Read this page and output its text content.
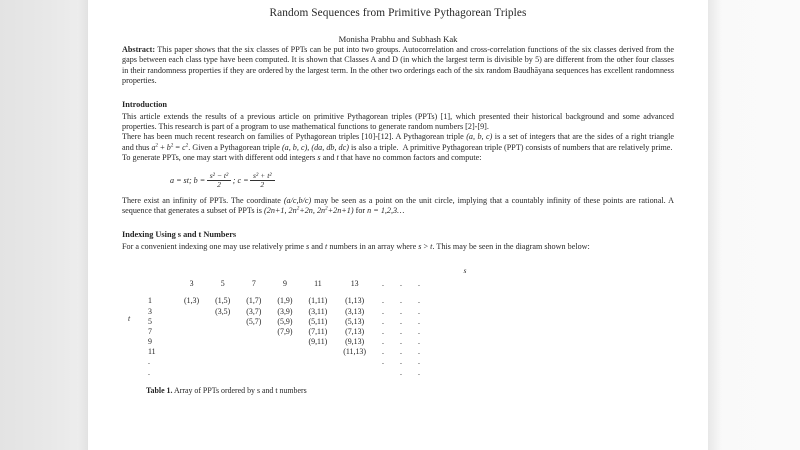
Random Sequences from Primitive Pythagorean Triples
Monisha Prabhu and Subhash Kak

Abstract: This paper shows that the six classes of PPTs can be put into two groups. Autocorrelation and cross-correlation functions of the six classes derived from the gaps between each class type have been computed. It is shown that Classes A and D (in which the largest term is divisible by 5) are different from the other four classes in their randomness properties if they are ordered by the largest term. In the other two orderings each of the six random Baudhāyana sequences has excellent randomness properties.

Introduction

This article extends the results of a previous article on primitive Pythagorean triples (PPTs) [1], which presented their historical background and some advanced properties. This research is part of a program to use mathematical functions to generate random numbers [2]-[9].

There has been much recent research on families of Pythagorean triples [10]-[12]. A Pythagorean triple (a, b, c) is a set of integers that are the sides of a right triangle and thus $a^2 + b^2 = c^2$. Given a Pythagorean triple (a, b, c), (da, db, dc) is also a triple.  A primitive Pythagorean triple (PPT) consists of numbers that are relatively prime.

To generate PPTs, one may start with different odd integers s and t that have no common factors and compute:

a = st; $b = \frac{\text{s² − t²}}{2}$ ; $c = \frac{\text{s² + t²}}{2}$

There exist an infinity of PPTs. The coordinate (a/c,b/c) may be seen as a point on the unit circle, implying that a countably infinity of these points are rational. A sequence that generates a subset of PPTs is (2n+1, $2n^2+2n$, $2n^2+2n+1$) for n = 1,2,3…

Indexing Using s and t Numbers

For a convenient indexing one may use relatively prime s and t numbers in an array where s > t. This may be seen in the diagram shown below:

s
t
	3	5	7	9	11	13	.	.	.
1	(1,3)	(1,5)	(1,7)	(1,9)	(1,11)	(1,13)	.	.	.
3		(3,5)	(3,7)	(3,9)	(3,11)	(3,13)	.	.	.
5			(5,7)	(5,9)	(5,11)	(5,13)	.	.	.
7				(7,9)	(7,11)	(7,13)	.	.	.
9					(9,11)	(9,13)	.	.	.
11						(11,13)	.	.	.
.							.	.	.
.								.	.
Table 1. Array of PPTs ordered by s and t numbers
